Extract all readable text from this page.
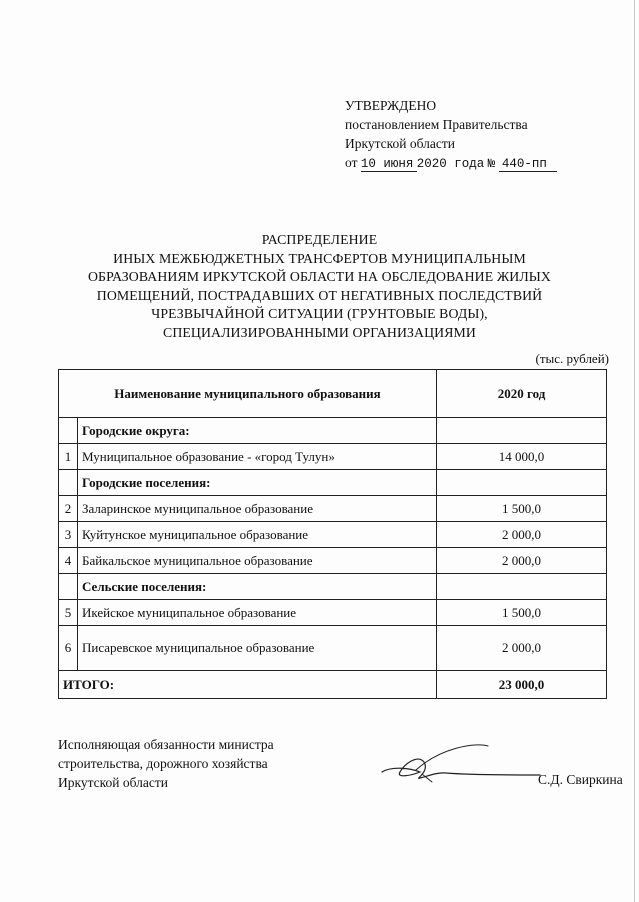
УТВЕРЖДЕНО
постановлением Правительства
Иркутской области
от 10 июня 2020 года № 440-пп
РАСПРЕДЕЛЕНИЕ
ИНЫХ МЕЖБЮДЖЕТНЫХ ТРАНСФЕРТОВ МУНИЦИПАЛЬНЫМ
ОБРАЗОВАНИЯМ ИРКУТСКОЙ ОБЛАСТИ НА ОБСЛЕДОВАНИЕ ЖИЛЫХ
ПОМЕЩЕНИЙ, ПОСТРАДАВШИХ ОТ НЕГАТИВНЫХ ПОСЛЕДСТВИЙ
ЧРЕЗВЫЧАЙНОЙ СИТУАЦИИ (ГРУНТОВЫЕ ВОДЫ),
СПЕЦИАЛИЗИРОВАННЫМИ ОРГАНИЗАЦИЯМИ
(тыс. рублей)
Наименование муниципального образования		2020 год
	Городские округа:	
1	Муниципальное образование - «город Тулун»	14 000,0
	Городские поселения:	
2	Заларинское муниципальное образование	1 500,0
3	Куйтунское муниципальное образование	2 000,0
4	Байкальское муниципальное образование	2 000,0
	Сельские поселения:	
5	Икейское муниципальное образование	1 500,0
6	Писаревское муниципальное образование	2 000,0
ИТОГО:		23 000,0
Исполняющая обязанности министра
строительства, дорожного хозяйства
Иркутской области	С.Д. Свиркина
